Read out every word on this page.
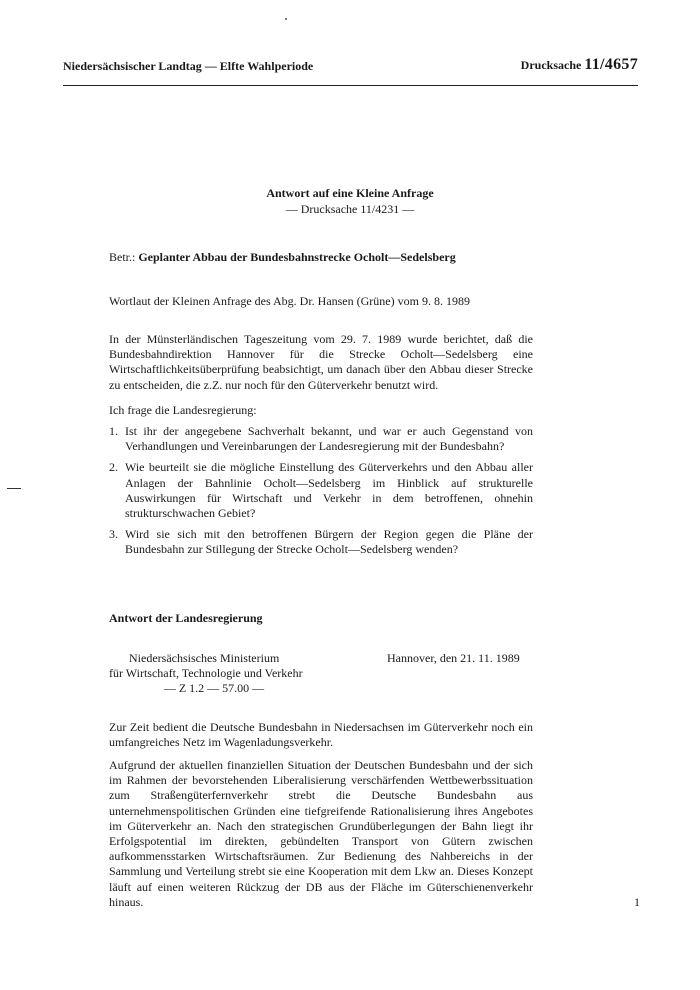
Niedersächsischer Landtag — Elfte Wahlperiode	Drucksache 11/4657
Antwort auf eine Kleine Anfrage
— Drucksache 11/4231 —
Betr.: Geplanter Abbau der Bundesbahnstrecke Ocholt—Sedelsberg
Wortlaut der Kleinen Anfrage des Abg. Dr. Hansen (Grüne) vom 9. 8. 1989

In der Münsterländischen Tageszeitung vom 29. 7. 1989 wurde berichtet, daß die Bundesbahndirektion Hannover für die Strecke Ocholt—Sedelsberg eine Wirtschaftlichkeitsüberprüfung beabsichtigt, um danach über den Abbau dieser Strecke zu entscheiden, die z.Z. nur noch für den Güterverkehr benutzt wird.

Ich frage die Landesregierung:

1. Ist ihr der angegebene Sachverhalt bekannt, und war er auch Gegenstand von Verhandlungen und Vereinbarungen der Landesregierung mit der Bundesbahn?
2. Wie beurteilt sie die mögliche Einstellung des Güterverkehrs und den Abbau aller Anlagen der Bahnlinie Ocholt—Sedelsberg im Hinblick auf strukturelle Auswirkungen für Wirtschaft und Verkehr in dem betroffenen, ohnehin strukturschwachen Gebiet?
3. Wird sie sich mit den betroffenen Bürgern der Region gegen die Pläne der Bundesbahn zur Stillegung der Strecke Ocholt—Sedelsberg wenden?
Antwort der Landesregierung
Niedersächsisches Ministerium
für Wirtschaft, Technologie und Verkehr
— Z 1.2 — 57.00 —
Hannover, den 21. 11. 1989

Zur Zeit bedient die Deutsche Bundesbahn in Niedersachsen im Güterverkehr noch ein umfangreiches Netz im Wagenladungsverkehr.

Aufgrund der aktuellen finanziellen Situation der Deutschen Bundesbahn und der sich im Rahmen der bevorstehenden Liberalisierung verschärfenden Wettbewerbssituation zum Straßengüterfernverkehr strebt die Deutsche Bundesbahn aus unternehmenspolitischen Gründen eine tiefgreifende Rationalisierung ihres Angebotes im Güterverkehr an. Nach den strategischen Grundüberlegungen der Bahn liegt ihr Erfolgspotential im direkten, gebündelten Transport von Gütern zwischen aufkommensstarken Wirtschaftsräumen. Zur Bedienung des Nahbereichs in der Sammlung und Verteilung strebt sie eine Kooperation mit dem Lkw an. Dieses Konzept läuft auf einen weiteren Rückzug der DB aus der Fläche im Güterschienenverkehr hinaus.	1
